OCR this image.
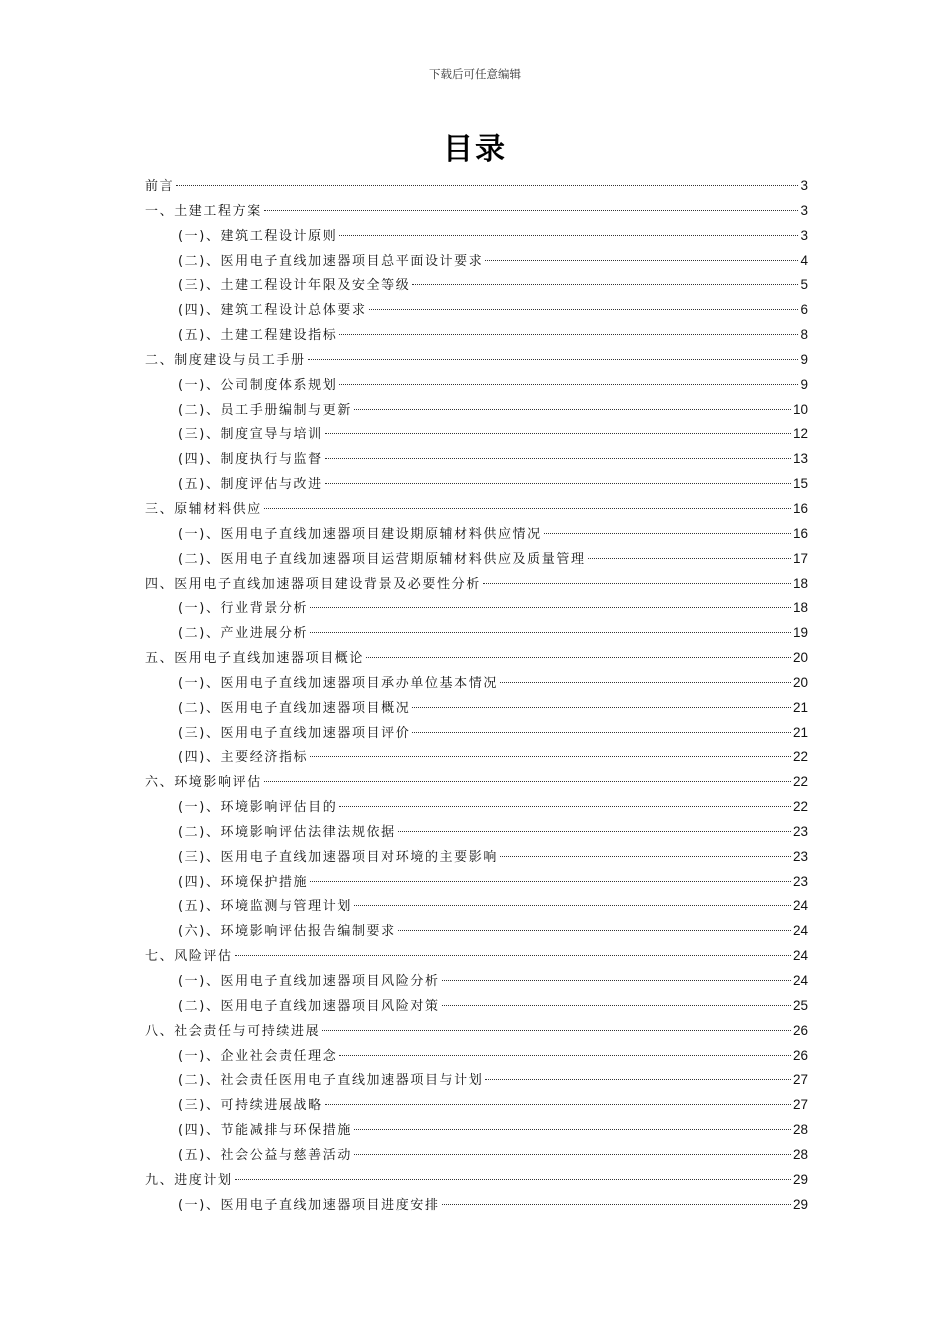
下载后可任意编辑
目录
前言	3
一、土建工程方案	3
(一)、建筑工程设计原则	3
(二)、医用电子直线加速器项目总平面设计要求	4
(三)、土建工程设计年限及安全等级	5
(四)、建筑工程设计总体要求	6
(五)、土建工程建设指标	8
二、制度建设与员工手册	9
(一)、公司制度体系规划	9
(二)、员工手册编制与更新	10
(三)、制度宣导与培训	12
(四)、制度执行与监督	13
(五)、制度评估与改进	15
三、原辅材料供应	16
(一)、医用电子直线加速器项目建设期原辅材料供应情况	16
(二)、医用电子直线加速器项目运营期原辅材料供应及质量管理	17
四、医用电子直线加速器项目建设背景及必要性分析	18
(一)、行业背景分析	18
(二)、产业进展分析	19
五、医用电子直线加速器项目概论	20
(一)、医用电子直线加速器项目承办单位基本情况	20
(二)、医用电子直线加速器项目概况	21
(三)、医用电子直线加速器项目评价	21
(四)、主要经济指标	22
六、环境影响评估	22
(一)、环境影响评估目的	22
(二)、环境影响评估法律法规依据	23
(三)、医用电子直线加速器项目对环境的主要影响	23
(四)、环境保护措施	23
(五)、环境监测与管理计划	24
(六)、环境影响评估报告编制要求	24
七、风险评估	24
(一)、医用电子直线加速器项目风险分析	24
(二)、医用电子直线加速器项目风险对策	25
八、社会责任与可持续进展	26
(一)、企业社会责任理念	26
(二)、社会责任医用电子直线加速器项目与计划	27
(三)、可持续进展战略	27
(四)、节能减排与环保措施	28
(五)、社会公益与慈善活动	28
九、进度计划	29
(一)、医用电子直线加速器项目进度安排	29
